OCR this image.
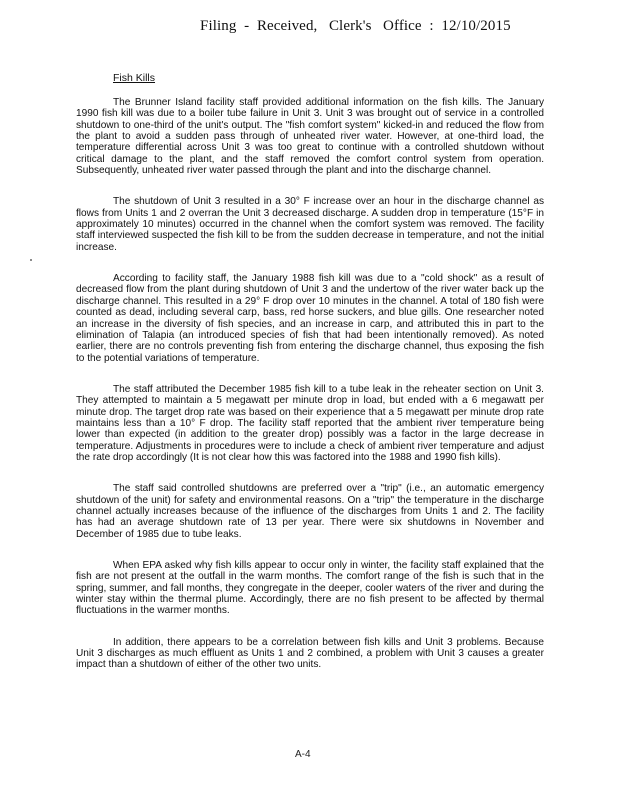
Filing  -  Received,   Clerk's   Office  :  12/10/2015
Fish Kills

The Brunner Island facility staff provided additional information on the fish kills. The January 1990 fish kill was due to a boiler tube failure in Unit 3. Unit 3 was brought out of service in a controlled shutdown to one-third of the unit's output. The "fish comfort system" kicked-in and reduced the flow from the plant to avoid a sudden pass through of unheated river water. However, at one-third load, the temperature differential across Unit 3 was too great to continue with a controlled shutdown without critical damage to the plant, and the staff removed the comfort control system from operation. Subsequently, unheated river water passed through the plant and into the discharge channel.

The shutdown of Unit 3 resulted in a 30° F increase over an hour in the discharge channel as flows from Units 1 and 2 overran the Unit 3 decreased discharge. A sudden drop in temperature (15°F in approximately 10 minutes) occurred in the channel when the comfort system was removed. The facility staff interviewed suspected the fish kill to be from the sudden decrease in temperature, and not the initial increase.

According to facility staff, the January 1988 fish kill was due to a "cold shock" as a result of decreased flow from the plant during shutdown of Unit 3 and the undertow of the river water back up the discharge channel. This resulted in a 29° F drop over 10 minutes in the channel. A total of 180 fish were counted as dead, including several carp, bass, red horse suckers, and blue gills. One researcher noted an increase in the diversity of fish species, and an increase in carp, and attributed this in part to the elimination of Talapia (an introduced species of fish that had been intentionally removed). As noted earlier, there are no controls preventing fish from entering the discharge channel, thus exposing the fish to the potential variations of temperature.

The staff attributed the December 1985 fish kill to a tube leak in the reheater section on Unit 3. They attempted to maintain a 5 megawatt per minute drop in load, but ended with a 6 megawatt per minute drop. The target drop rate was based on their experience that a 5 megawatt per minute drop rate maintains less than a 10° F drop. The facility staff reported that the ambient river temperature being lower than expected (in addition to the greater drop) possibly was a factor in the large decrease in temperature. Adjustments in procedures were to include a check of ambient river temperature and adjust the rate drop accordingly (It is not clear how this was factored into the 1988 and 1990 fish kills).

The staff said controlled shutdowns are preferred over a "trip" (i.e., an automatic emergency shutdown of the unit) for safety and environmental reasons. On a "trip" the temperature in the discharge channel actually increases because of the influence of the discharges from Units 1 and 2. The facility has had an average shutdown rate of 13 per year. There were six shutdowns in November and December of 1985 due to tube leaks.

When EPA asked why fish kills appear to occur only in winter, the facility staff explained that the fish are not present at the outfall in the warm months. The comfort range of the fish is such that in the spring, summer, and fall months, they congregate in the deeper, cooler waters of the river and during the winter stay within the thermal plume. Accordingly, there are no fish present to be affected by thermal fluctuations in the warmer months.

In addition, there appears to be a correlation between fish kills and Unit 3 problems. Because Unit 3 discharges as much effluent as Units 1 and 2 combined, a problem with Unit 3 causes a greater impact than a shutdown of either of the other two units.

A-4
